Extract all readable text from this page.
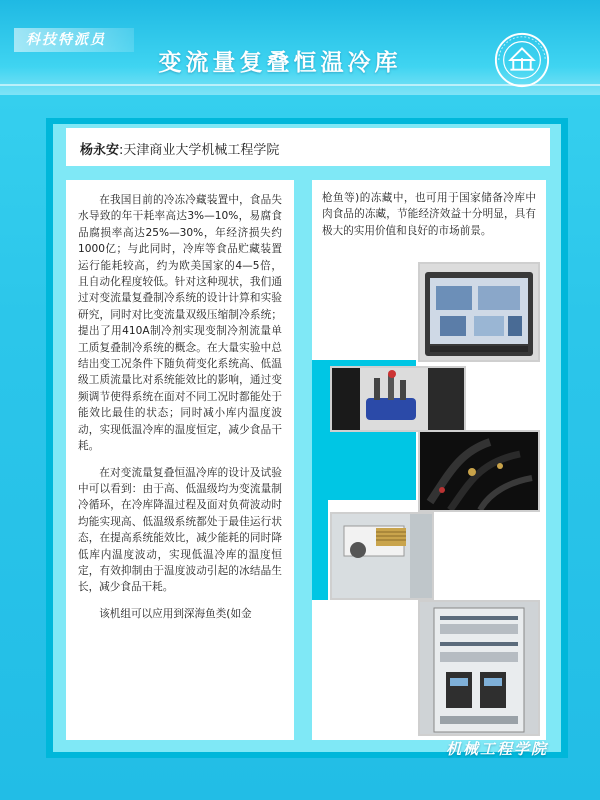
科技特派员
变流量复叠恒温冷库
杨永安:天津商业大学机械工程学院

在我国目前的冷冻冷藏装置中，食品失水导致的年干耗率高达3%—10%，易腐食品腐损率高达25%—30%，年经济损失约1000亿；与此同时，冷库等食品贮藏装置运行能耗较高，约为欧美国家的4—5倍，且自动化程度较低。针对这种现状，我们通过对变流量复叠制冷系统的设计计算和实验研究，同时对比变流量双级压缩制冷系统；提出了用410A制冷剂实现变制冷剂流量单工质复叠制冷系统的概念。在大量实验中总结出变工况条件下随负荷变化系统高、低温级工质流量比对系统能效比的影响，通过变频调节使得系统在面对不同工况时都能处于能效比最佳的状态；同时减小库内温度波动，实现低温冷库的温度恒定，减少食品干耗。

在对变流量复叠恒温冷库的设计及试验中可以看到：由于高、低温级均为变流量制冷循环，在冷库降温过程及面对负荷波动时均能实现高、低温级系统都处于最佳运行状态，在提高系统能效比，减少能耗的同时降低库内温度波动，实现低温冷库的温度恒定，有效抑制由于温度波动引起的冰结晶生长，减少食品干耗。

该机组可以应用到深海鱼类(如金

枪鱼等)的冻藏中，也可用于国家储备冷库中肉食品的冻藏，节能经济效益十分明显，具有极大的实用价值和良好的市场前景。

机械工程学院
